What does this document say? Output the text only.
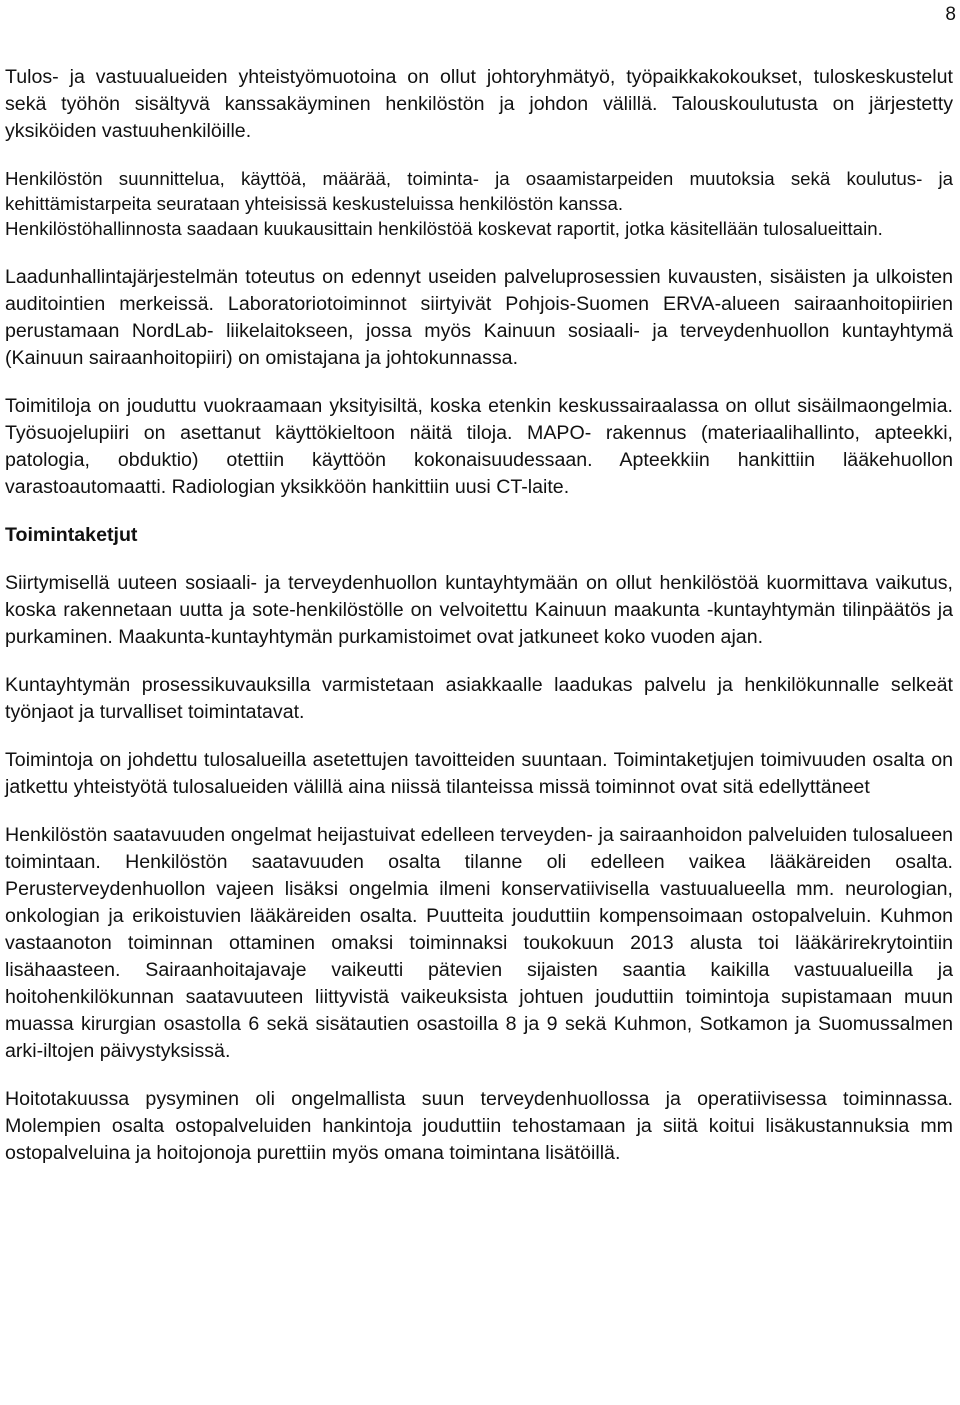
8

Tulos- ja vastuualueiden yhteistyömuotoina on ollut johtoryhmätyö, työpaikkakokoukset, tuloskeskustelut sekä työhön sisältyvä kanssakäyminen henkilöstön ja johdon välillä. Talouskoulutusta on järjestetty yksiköiden vastuuhenkilöille.

Henkilöstön suunnittelua, käyttöä, määrää, toiminta- ja osaamistarpeiden muutoksia sekä koulutus- ja kehittämistarpeita seurataan yhteisissä keskusteluissa henkilöstön kanssa.

Henkilöstöhallinnosta saadaan kuukausittain henkilöstöä koskevat raportit, jotka käsitellään tulosalueittain.

Laadunhallintajärjestelmän toteutus on edennyt useiden palveluprosessien kuvausten, sisäisten ja ulkoisten auditointien merkeissä. Laboratoriotoiminnot siirtyivät Pohjois-Suomen ERVA-alueen sairaanhoitopiirien perustamaan NordLab- liikelaitokseen, jossa myös Kainuun sosiaali- ja terveydenhuollon kuntayhtymä (Kainuun sairaanhoitopiiri) on omistajana ja johtokunnassa.

Toimitiloja on jouduttu vuokraamaan yksityisiltä, koska etenkin keskussairaalassa on ollut sisäilmaongelmia. Työsuojelupiiri on asettanut käyttökieltoon näitä tiloja. MAPO- rakennus (materiaalihallinto, apteekki, patologia, obduktio) otettiin käyttöön kokonaisuudessaan. Apteekkiin hankittiin lääkehuollon varastoautomaatti. Radiologian yksikköön hankittiin uusi CT-laite.

Toimintaketjut

Siirtymisellä uuteen sosiaali- ja terveydenhuollon kuntayhtymään on ollut henkilöstöä kuormittava vaikutus, koska rakennetaan uutta ja sote-henkilöstölle on velvoitettu Kainuun maakunta -kuntayhtymän tilinpäätös ja purkaminen. Maakunta-kuntayhtymän purkamistoimet ovat jatkuneet koko vuoden ajan.

Kuntayhtymän prosessikuvauksilla varmistetaan asiakkaalle laadukas palvelu ja henkilökunnalle selkeät työnjaot ja turvalliset toimintatavat.

Toimintoja on johdettu tulosalueilla asetettujen tavoitteiden suuntaan. Toimintaketjujen toimivuuden osalta on jatkettu yhteistyötä tulosalueiden välillä aina niissä tilanteissa missä toiminnot ovat sitä edellyttäneet

Henkilöstön saatavuuden ongelmat heijastuivat edelleen terveyden- ja sairaanhoidon palveluiden tulosalueen toimintaan. Henkilöstön saatavuuden osalta tilanne oli edelleen vaikea lääkäreiden osalta. Perusterveydenhuollon vajeen lisäksi ongelmia ilmeni konservatiivisella vastuualueella mm. neurologian, onkologian ja erikoistuvien lääkäreiden osalta. Puutteita jouduttiin kompensoimaan ostopalveluin. Kuhmon vastaanoton toiminnan ottaminen omaksi toiminnaksi toukokuun 2013 alusta toi lääkärirekrytointiin lisähaasteen. Sairaanhoitajavaje vaikeutti pätevien sijaisten saantia kaikilla vastuualueilla ja hoitohenkilökunnan saatavuuteen liittyvistä vaikeuksista johtuen jouduttiin toimintoja supistamaan muun muassa kirurgian osastolla 6 sekä sisätautien osastoilla 8 ja 9 sekä Kuhmon, Sotkamon ja Suomussalmen arki-iltojen päivystyksissä.

Hoitotakuussa pysyminen oli ongelmallista suun terveydenhuollossa ja operatiivisessa toiminnassa. Molempien osalta ostopalveluiden hankintoja jouduttiin tehostamaan ja siitä koitui lisäkustannuksia mm ostopalveluina ja hoitojonoja purettiin myös omana toimintana lisätöillä.
